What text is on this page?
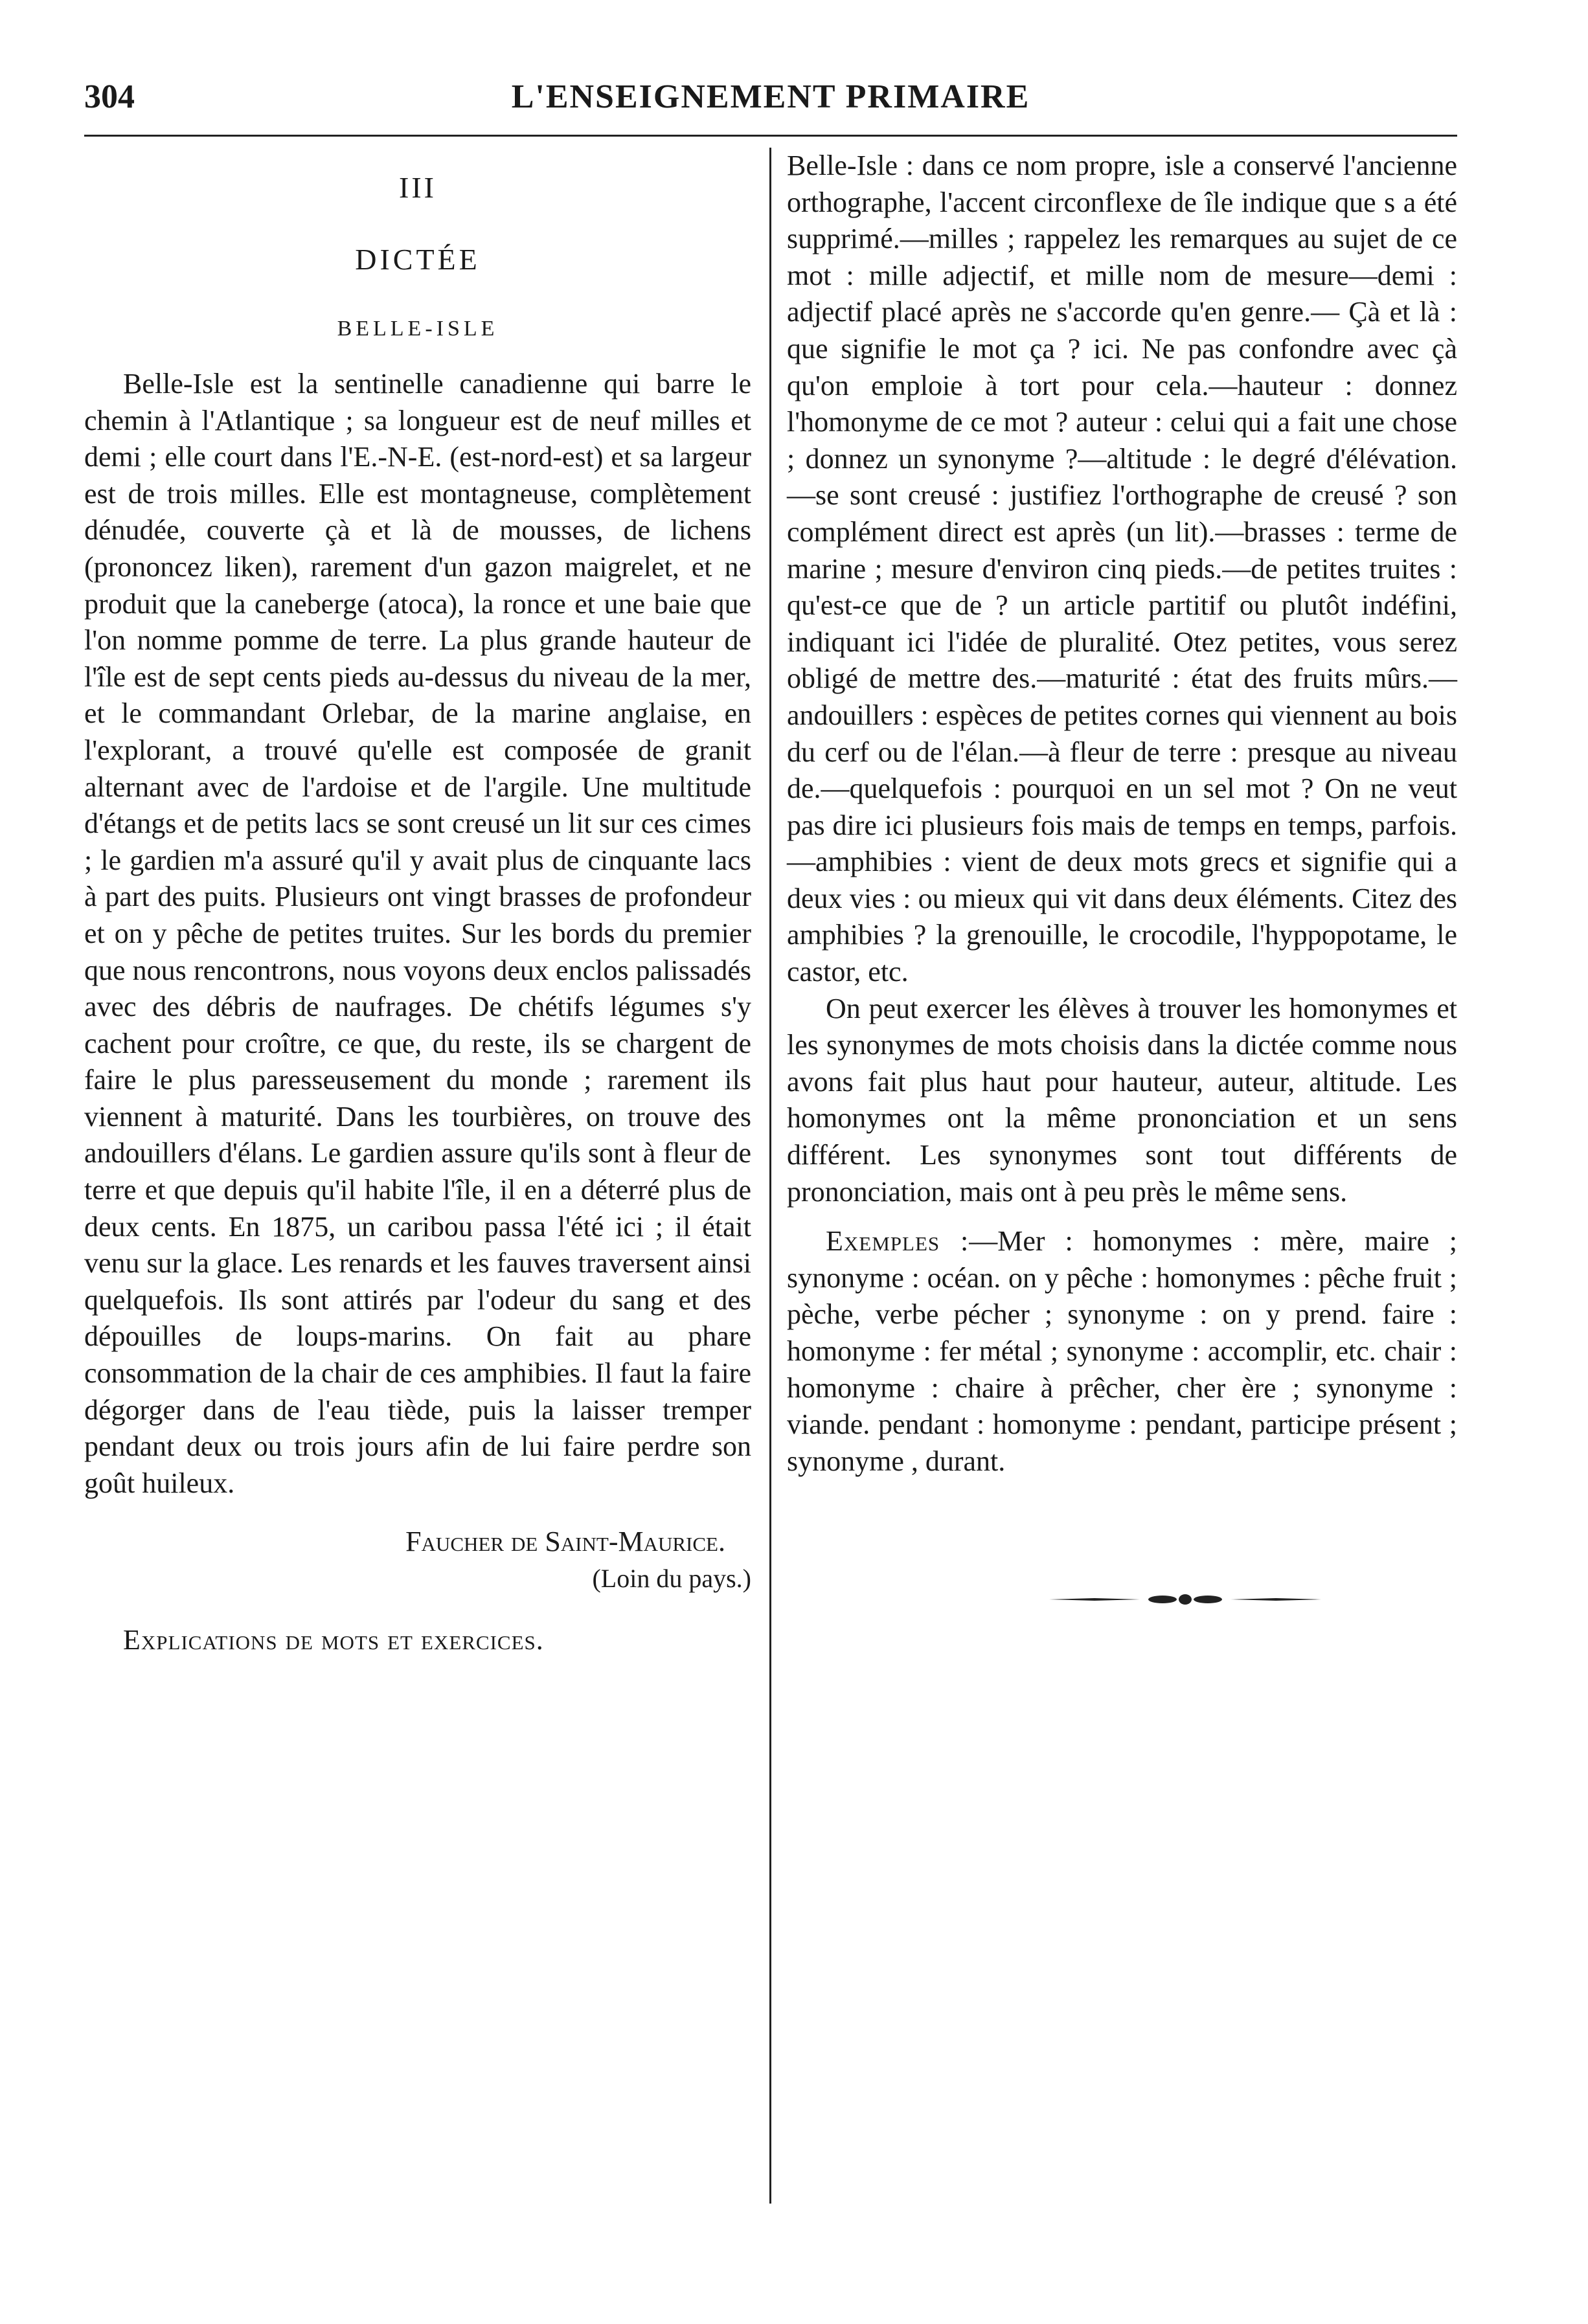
304	L'ENSEIGNEMENT PRIMAIRE
III
DICTÉE
BELLE-ISLE

Belle-Isle est la sentinelle canadienne qui barre le chemin à l'Atlantique ; sa longueur est de neuf milles et demi ; elle court dans l'E.-N-E. (est-nord-est) et sa largeur est de trois milles. Elle est montagneuse, complètement dénudée, couverte çà et là de mousses, de lichens (prononcez liken), rarement d'un gazon maigrelet, et ne produit que la caneberge (atoca), la ronce et une baie que l'on nomme pomme de terre. La plus grande hauteur de l'île est de sept cents pieds au-dessus du niveau de la mer, et le commandant Orlebar, de la marine anglaise, en l'explorant, a trouvé qu'elle est composée de granit alternant avec de l'ardoise et de l'argile. Une multitude d'étangs et de petits lacs se sont creusé un lit sur ces cimes ; le gardien m'a assuré qu'il y avait plus de cinquante lacs à part des puits. Plusieurs ont vingt brasses de profondeur et on y pêche de petites truites. Sur les bords du premier que nous rencontrons, nous voyons deux enclos palissadés avec des débris de naufrages. De chétifs légumes s'y cachent pour croître, ce que, du reste, ils se chargent de faire le plus paresseusement du monde ; rarement ils viennent à maturité. Dans les tourbières, on trouve des andouillers d'élans. Le gardien assure qu'ils sont à fleur de terre et que depuis qu'il habite l'île, il en a déterré plus de deux cents. En 1875, un caribou passa l'été ici ; il était venu sur la glace. Les renards et les fauves traversent ainsi quelquefois. Ils sont attirés par l'odeur du sang et des dépouilles de loups-marins. On fait au phare consommation de la chair de ces amphibies. Il faut la faire dégorger dans de l'eau tiède, puis la laisser tremper pendant deux ou trois jours afin de lui faire perdre son goût huileux.

Faucher de Saint-Maurice.
(Loin du pays.)

Explications de mots et exercices.

Belle-Isle : dans ce nom propre, isle a conservé l'ancienne orthographe, l'accent circonflexe de île indique que s a été supprimé.—milles ; rappelez les remarques au sujet de ce mot : mille adjectif, et mille nom de mesure—demi : adjectif placé après ne s'accorde qu'en genre.— Çà et là : que signifie le mot ça ? ici. Ne pas confondre avec çà qu'on emploie à tort pour cela.—hauteur : donnez l'homonyme de ce mot ? auteur : celui qui a fait une chose ; donnez un synonyme ?—altitude : le degré d'élévation.—se sont creusé : justifiez l'orthographe de creusé ? son complément direct est après (un lit).—brasses : terme de marine ; mesure d'environ cinq pieds.—de petites truites : qu'est-ce que de ? un article partitif ou plutôt indéfini, indiquant ici l'idée de pluralité. Otez petites, vous serez obligé de mettre des.—maturité : état des fruits mûrs.—andouillers : espèces de petites cornes qui viennent au bois du cerf ou de l'élan.—à fleur de terre : presque au niveau de.—quelquefois : pourquoi en un sel mot ? On ne veut pas dire ici plusieurs fois mais de temps en temps, parfois.—amphibies : vient de deux mots grecs et signifie qui a deux vies : ou mieux qui vit dans deux éléments. Citez des amphibies ? la grenouille, le crocodile, l'hyppopotame, le castor, etc.

On peut exercer les élèves à trouver les homonymes et les synonymes de mots choisis dans la dictée comme nous avons fait plus haut pour hauteur, auteur, altitude. Les homonymes ont la même prononciation et un sens différent. Les synonymes sont tout différents de prononciation, mais ont à peu près le même sens.

Exemples :—Mer : homonymes : mère, maire ; synonyme : océan. on y pêche : homonymes : pêche fruit ; pèche, verbe pécher ; synonyme : on y prend. faire : homonyme : fer métal ; synonyme : accomplir, etc. chair : homonyme : chaire à prêcher, cher ère ; synonyme : viande. pendant : homonyme : pendant, participe présent ; synonyme , durant.
